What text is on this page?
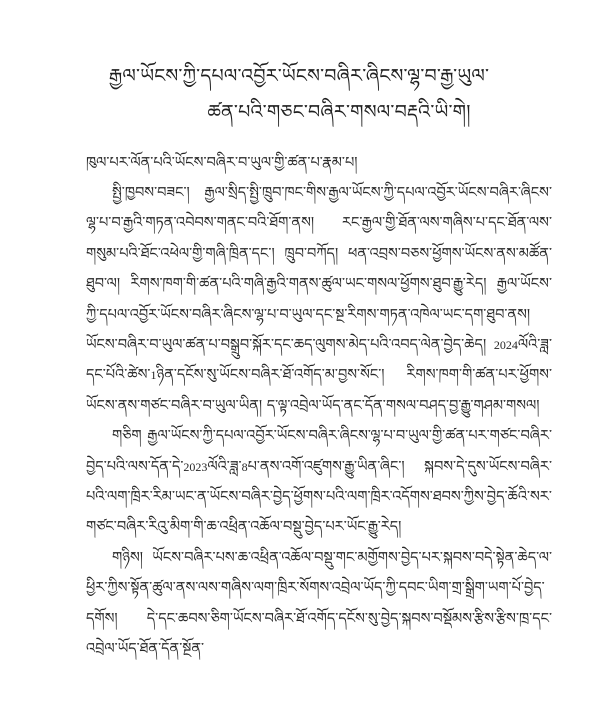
རྒྱལ་ཡོངས་ཀྱི་དཔལ་འབྱོར་ཡོངས་བཞིར་ཞིངས་ལྷ་བ་རྒྱ་ཡུལ་
ཚན་པའི་གཅང་བཞིར་གསལ་བརྡའི་ཡི་གེ།
ཁུལ་པར་ལོན་པའི་ཡོངས་བཞིར་བ་ཡུལ་གྱི་ཚན་པ་རྣམ་པ།

སྤྱི་ཁྱབས་བཟང་། རྒྱལ་སྲིད་སྤྱི་ཁྲུབ་ཁང་གིས་རྒྱལ་ཡོངས་ཀྱི་དཔལ་འབྱོར་ཡོངས་བཞིར་ཞིངས་ལྷ་པ་བ་རྒྱའི་གཏན་འབེབས་གནང་བའི་ཐོག་ནས། རང་རྒྱལ་གྱི་ཐོན་ལས་གཞིས་པ་དང་ཐོན་ལས་གསུམ་པའི་ཐོང་འཕེལ་གྱི་གཞི་ཁྲིན་དང་། ཁྲུབ་བཀོད། ཕན་འབྲས་བཅས་ཕྱོགས་ཡོངས་ནས་མཚོན་ཐུབ་ལ། རིགས་ཁག་གི་ཚན་པའི་གཞི་རྒྱའི་གནས་ཚུལ་ཡང་གསལ་ཕྱོགས་ཐུབ་རྒྱུ་རེད། རྒྱལ་ཡོངས་ཀྱི་དཔལ་འབྱོར་ཡོངས་བཞིར་ཞིངས་ལྷ་པ་བ་ཡུལ་དང་སྔ་རིགས་གཏན་འཁེལ་ཡང་དག་ཐུབ་ནས། ཡོངས་བཞིར་བ་ཡུལ་ཚན་པ་བསྒྲུབ་སྐོར་དང་ཆད་ལུགས་མེད་པའི་འབད་ལེན་བྱེད་ཆེད། 2024ལོའི་ཟླ་དང་པོའི་ཚེས་1ཉིན་དངོས་སུ་ཡོངས་བཞིར་ཐོ་འགོད་མ་བྱས་སོང་། རིགས་ཁག་གི་ཚན་པར་ཕྱོགས་ཡོངས་ནས་གཙང་བཞིར་བ་ཡུལ་ཡིན། ད་ལྟ་འབྲེལ་ཡོད་ནང་དོན་གསལ་བཤད་བྱ་རྒྱུ་གཤམ་གསལ།

གཅིག རྒྱལ་ཡོངས་ཀྱི་དཔལ་འབྱོར་ཡོངས་བཞིར་ཞིངས་ལྷ་པ་བ་ཡུལ་གྱི་ཚན་པར་གཙང་བཞིར་བྱེད་པའི་ལས་དོན་དེ་2023ལོའི་ཟླ་8པ་ནས་འགོ་འཛུགས་རྒྱུ་ཡིན་ཞིང་། སྐབས་དེ་དུས་ཡོངས་བཞིར་པའི་ལག་ཁྲིར་རིམ་ཡང་ན་ཡོངས་བཞིར་བྱེད་ཕྱོགས་པའི་ལག་ཁྲིར་འདོགས་ཐབས་ཀྱིས་བྱེད་ཆོའི་སར་གཙང་བཞིར་རིའུ་མིག་གི་ཆ་འཕྲིན་འཆོལ་བསྡུ་བྱེད་པར་ཡོང་རྒྱུ་རེད།

གཉིས། ཡོངས་བཞིར་པས་ཆ་འཕྲིན་འཆོལ་བསྡུ་གང་མགྱོགས་བྱེད་པར་སྐབས་བདེ་སྟེན་ཆེད་ལ་ཕྱིར་ཀྱིས་སྟོན་ཚུལ་ནས་ལས་གཞིས་ལག་ཁྲིར་སོགས་འབྲེལ་ཡོད་ཀྱི་དབང་ཡིག་གྲ་སྒྲིག་ཡག་པོ་བྱེད་དགོས། དེ་དང་ཆབས་ཅིག་ཡོངས་བཞིར་ཐོ་འགོད་དངོས་སུ་བྱེད་སྐབས་བསྡོམས་རྩིས་རྩིས་ཁྲ་དང་འབྲེལ་ཡོད་ཐོན་དོན་སྔོན་
